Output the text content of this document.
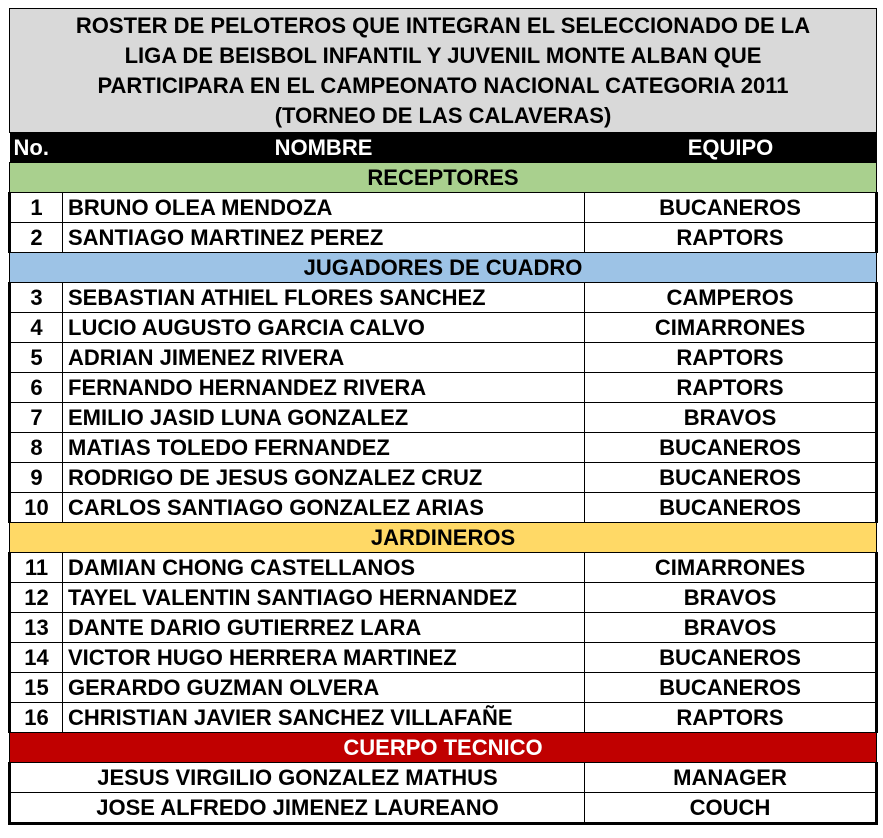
ROSTER DE PELOTEROS QUE INTEGRAN EL SELECCIONADO DE LA
LIGA DE BEISBOL INFANTIL Y JUVENIL MONTE ALBAN QUE
PARTICIPARA EN EL CAMPEONATO NACIONAL CATEGORIA 2011
(TORNEO DE LAS CALAVERAS)		

No.	NOMBRE	EQUIPO
RECEPTORES		
1	BRUNO OLEA MENDOZA	BUCANEROS
2	SANTIAGO MARTINEZ PEREZ	RAPTORS
JUGADORES DE CUADRO		
3	SEBASTIAN ATHIEL FLORES SANCHEZ	CAMPEROS
4	LUCIO AUGUSTO GARCIA CALVO	CIMARRONES
5	ADRIAN JIMENEZ RIVERA	RAPTORS
6	FERNANDO HERNANDEZ RIVERA	RAPTORS
7	EMILIO JASID LUNA GONZALEZ	BRAVOS
8	MATIAS TOLEDO FERNANDEZ	BUCANEROS
9	RODRIGO DE JESUS GONZALEZ CRUZ	BUCANEROS
10	CARLOS SANTIAGO GONZALEZ ARIAS	BUCANEROS
JARDINEROS		
11	DAMIAN CHONG CASTELLANOS	CIMARRONES
12	TAYEL VALENTIN SANTIAGO HERNANDEZ	BRAVOS
13	DANTE DARIO GUTIERREZ LARA	BRAVOS
14	VICTOR HUGO HERRERA MARTINEZ	BUCANEROS
15	GERARDO GUZMAN OLVERA	BUCANEROS
16	CHRISTIAN JAVIER SANCHEZ VILLAFAÑE	RAPTORS
CUERPO TECNICO		
JESUS VIRGILIO GONZALEZ MATHUS		MANAGER
JOSE ALFREDO JIMENEZ LAUREANO		COUCH
